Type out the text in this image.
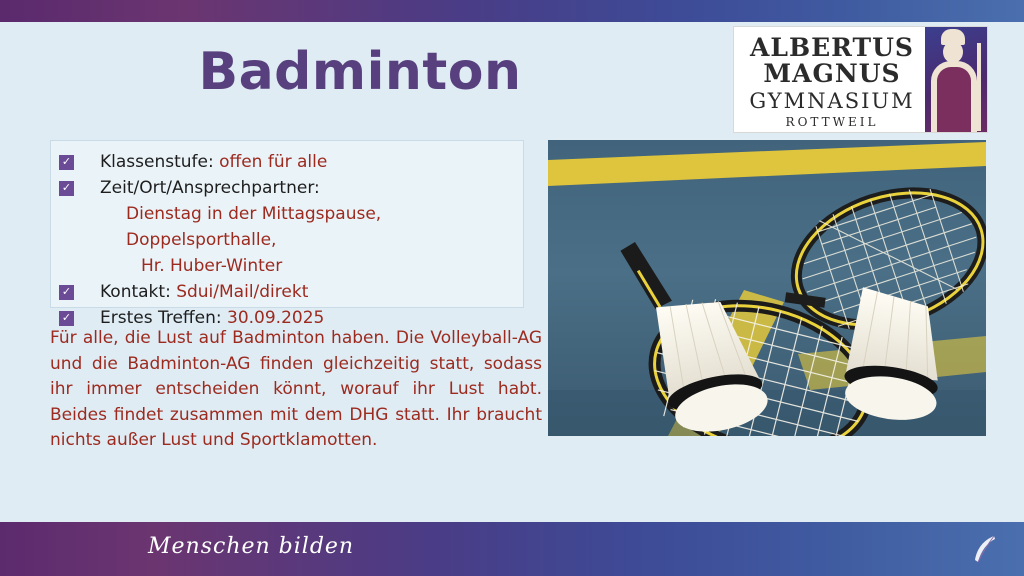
Badminton	ALBERTUS
MAGNUS
GYMNASIUM
ROTTWEIL
✓ Klassenstufe: offen für alle
✓ Zeit/Ort/Ansprechpartner:
Dienstag in der Mittagspause, Doppelsporthalle,
Hr. Huber-Winter
✓ Kontakt: Sdui/Mail/direkt
✓ Erstes Treffen: 30.09.2025
Für alle, die Lust auf Badminton haben. Die Volleyball-AG und die Badminton-AG finden gleichzeitig statt, sodass ihr immer entscheiden könnt, worauf ihr Lust habt. Beides findet zusammen mit dem DHG statt. Ihr braucht nichts außer Lust und Sportklamotten.
Menschen bilden
